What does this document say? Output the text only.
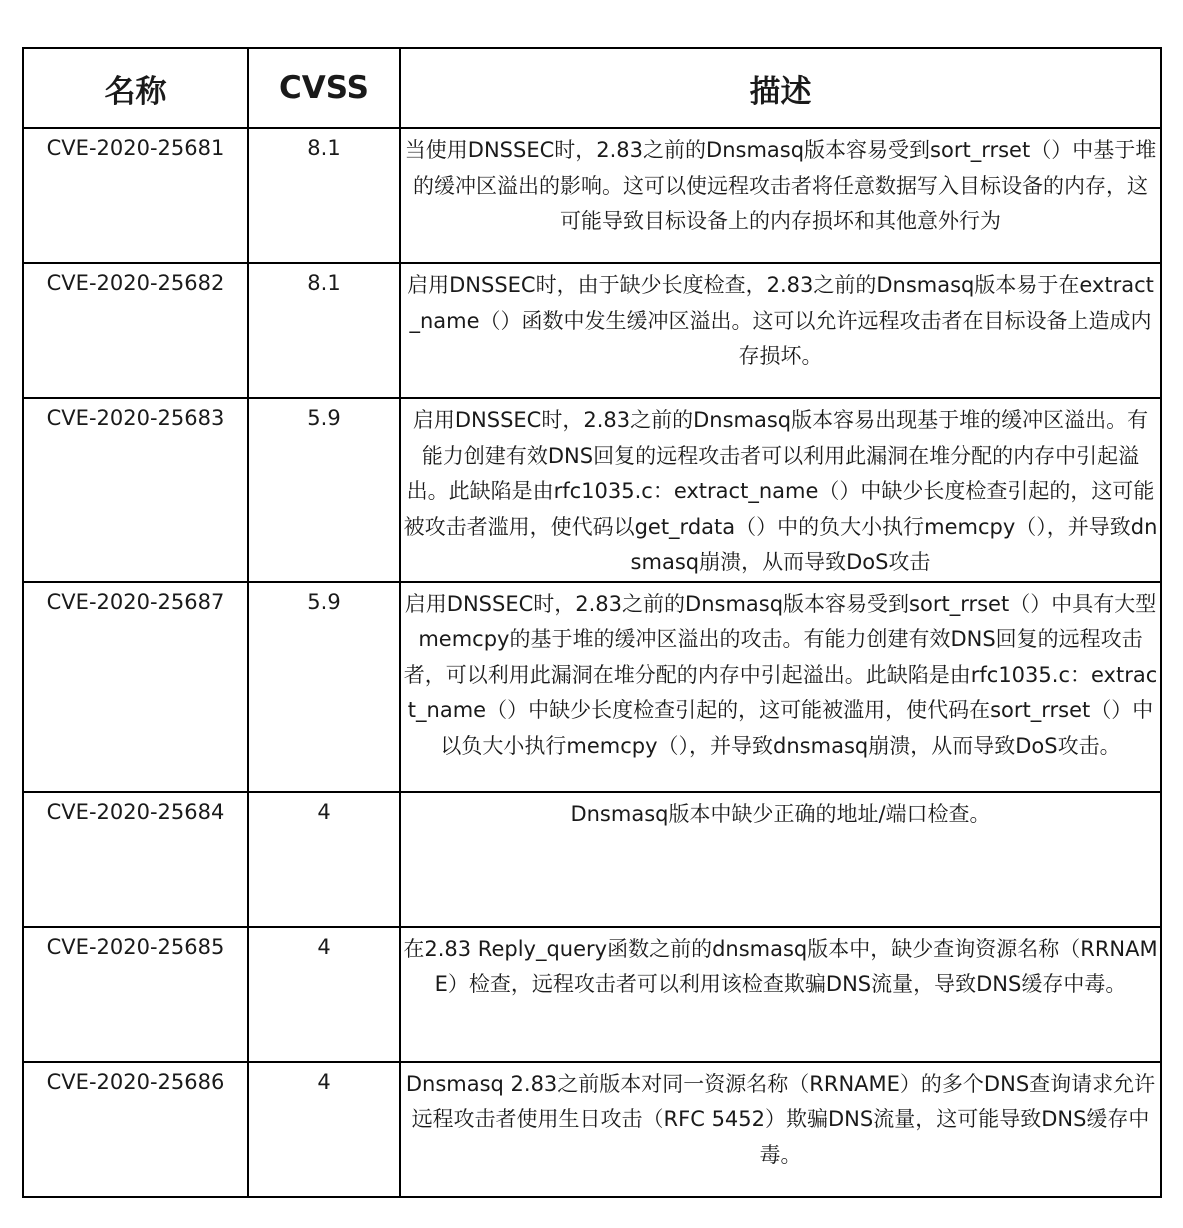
名称	CVSS	描述
CVE-2020-25681	8.1	当使用DNSSEC时，2.83之前的Dnsmasq版本容易受到sort_rrset（）中基于堆的缓冲区溢出的影响。这可以使远程攻击者将任意数据写入目标设备的内存，这可能导致目标设备上的内存损坏和其他意外行为
CVE-2020-25682	8.1	启用DNSSEC时，由于缺少长度检查，2.83之前的Dnsmasq版本易于在extract_name（）函数中发生缓冲区溢出。这可以允许远程攻击者在目标设备上造成内存损坏。
CVE-2020-25683	5.9	启用DNSSEC时，2.83之前的Dnsmasq版本容易出现基于堆的缓冲区溢出。有能力创建有效DNS回复的远程攻击者可以利用此漏洞在堆分配的内存中引起溢出。此缺陷是由rfc1035.c：extract_name（）中缺少长度检查引起的，这可能被攻击者滥用，使代码以get_rdata（）中的负大小执行memcpy（），并导致dnsmasq崩溃，从而导致DoS攻击
CVE-2020-25687	5.9	启用DNSSEC时，2.83之前的Dnsmasq版本容易受到sort_rrset（）中具有大型memcpy的基于堆的缓冲区溢出的攻击。有能力创建有效DNS回复的远程攻击者，可以利用此漏洞在堆分配的内存中引起溢出。此缺陷是由rfc1035.c：extract_name（）中缺少长度检查引起的，这可能被滥用，使代码在sort_rrset（）中以负大小执行memcpy（），并导致dnsmasq崩溃，从而导致DoS攻击。
CVE-2020-25684	4	Dnsmasq版本中缺少正确的地址/端口检查。
CVE-2020-25685	4	在2.83 Reply_query函数之前的dnsmasq版本中，缺少查询资源名称（RRNAME）检查，远程攻击者可以利用该检查欺骗DNS流量，导致DNS缓存中毒。
CVE-2020-25686	4	Dnsmasq 2.83之前版本对同一资源名称（RRNAME）的多个DNS查询请求允许远程攻击者使用生日攻击（RFC 5452）欺骗DNS流量，这可能导致DNS缓存中毒。
